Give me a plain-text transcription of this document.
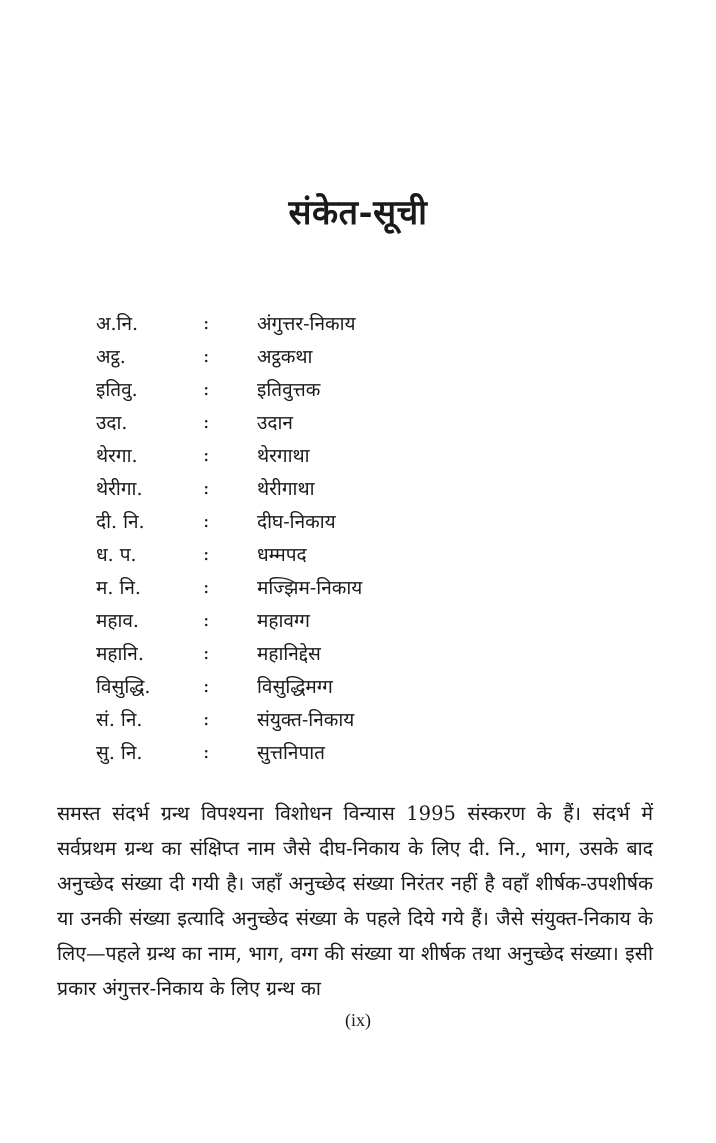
संकेत-सूची
अ.नि.	:	अंगुत्तर-निकाय
अट्ठ.	:	अट्ठकथा
इतिवु.	:	इतिवुत्तक
उदा.	:	उदान
थेरगा.	:	थेरगाथा
थेरीगा.	:	थेरीगाथा
दी. नि.	:	दीघ-निकाय
ध. प.	:	धम्मपद
म. नि.	:	मज्झिम-निकाय
महाव.	:	महावग्ग
महानि.	:	महानिद्देस
विसुद्धि.	:	विसुद्धिमग्ग
सं. नि.	:	संयुक्त-निकाय
सु. नि.	:	सुत्तनिपात

समस्त संदर्भ ग्रन्थ विपश्यना विशोधन विन्यास 1995 संस्करण के हैं। संदर्भ में सर्वप्रथम ग्रन्थ का संक्षिप्त नाम जैसे दीघ-निकाय के लिए दी. नि., भाग, उसके बाद अनुच्छेद संख्या दी गयी है। जहाँ अनुच्छेद संख्या निरंतर नहीं है वहाँ शीर्षक-उपशीर्षक या उनकी संख्या इत्यादि अनुच्छेद संख्या के पहले दिये गये हैं। जैसे संयुक्त-निकाय के लिए—पहले ग्रन्थ का नाम, भाग, वग्ग की संख्या या शीर्षक तथा अनुच्छेद संख्या। इसी प्रकार अंगुत्तर-निकाय के लिए ग्रन्थ का

(ix)
